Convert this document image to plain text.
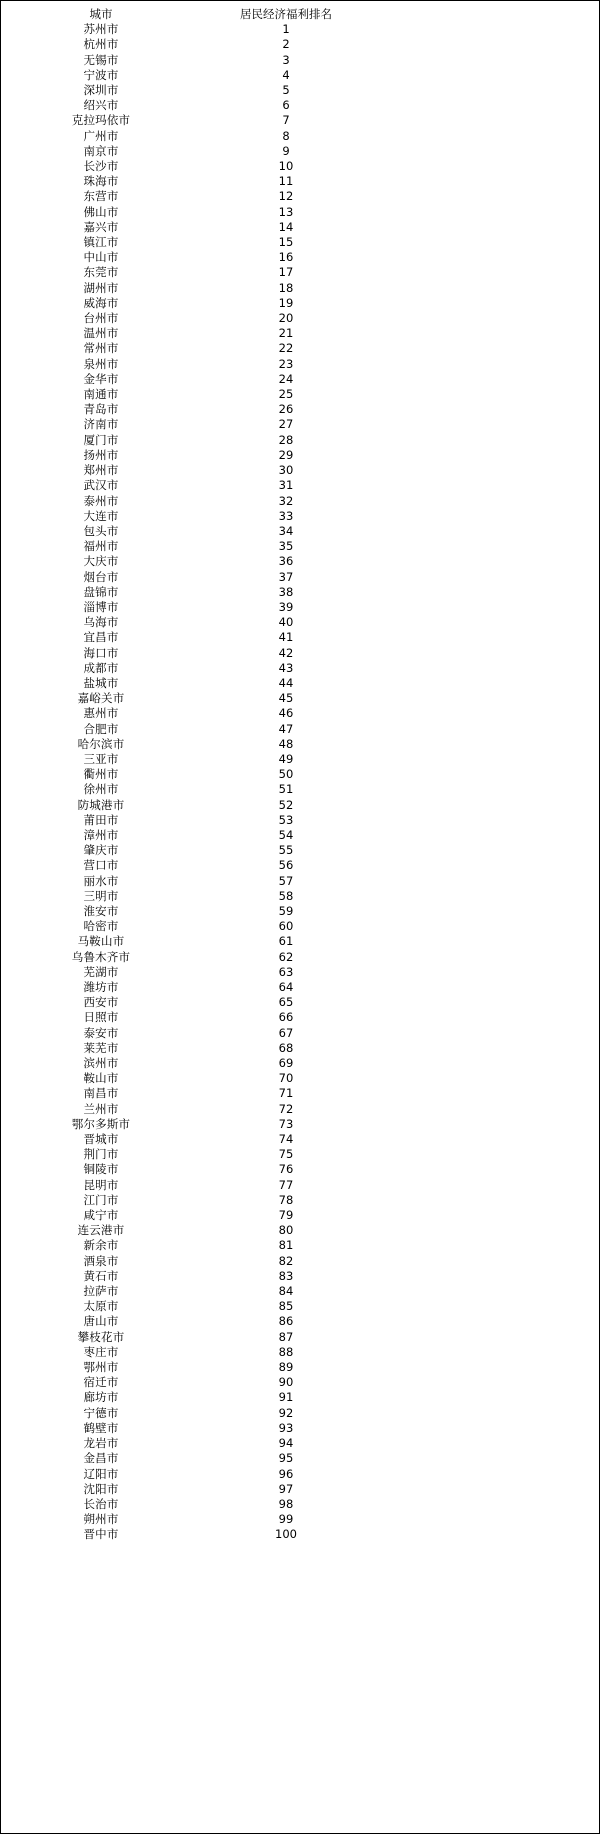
城市	居民经济福利排名
苏州市	1
杭州市	2
无锡市	3
宁波市	4
深圳市	5
绍兴市	6
克拉玛依市	7
广州市	8
南京市	9
长沙市	10
珠海市	11
东营市	12
佛山市	13
嘉兴市	14
镇江市	15
中山市	16
东莞市	17
湖州市	18
威海市	19
台州市	20
温州市	21
常州市	22
泉州市	23
金华市	24
南通市	25
青岛市	26
济南市	27
厦门市	28
扬州市	29
郑州市	30
武汉市	31
泰州市	32
大连市	33
包头市	34
福州市	35
大庆市	36
烟台市	37
盘锦市	38
淄博市	39
乌海市	40
宜昌市	41
海口市	42
成都市	43
盐城市	44
嘉峪关市	45
惠州市	46
合肥市	47
哈尔滨市	48
三亚市	49
衢州市	50
徐州市	51
防城港市	52
莆田市	53
漳州市	54
肇庆市	55
营口市	56
丽水市	57
三明市	58
淮安市	59
哈密市	60
马鞍山市	61
乌鲁木齐市	62
芜湖市	63
潍坊市	64
西安市	65
日照市	66
泰安市	67
莱芜市	68
滨州市	69
鞍山市	70
南昌市	71
兰州市	72
鄂尔多斯市	73
晋城市	74
荆门市	75
铜陵市	76
昆明市	77
江门市	78
咸宁市	79
连云港市	80
新余市	81
酒泉市	82
黄石市	83
拉萨市	84
太原市	85
唐山市	86
攀枝花市	87
枣庄市	88
鄂州市	89
宿迁市	90
廊坊市	91
宁德市	92
鹤壁市	93
龙岩市	94
金昌市	95
辽阳市	96
沈阳市	97
长治市	98
朔州市	99
晋中市	100
